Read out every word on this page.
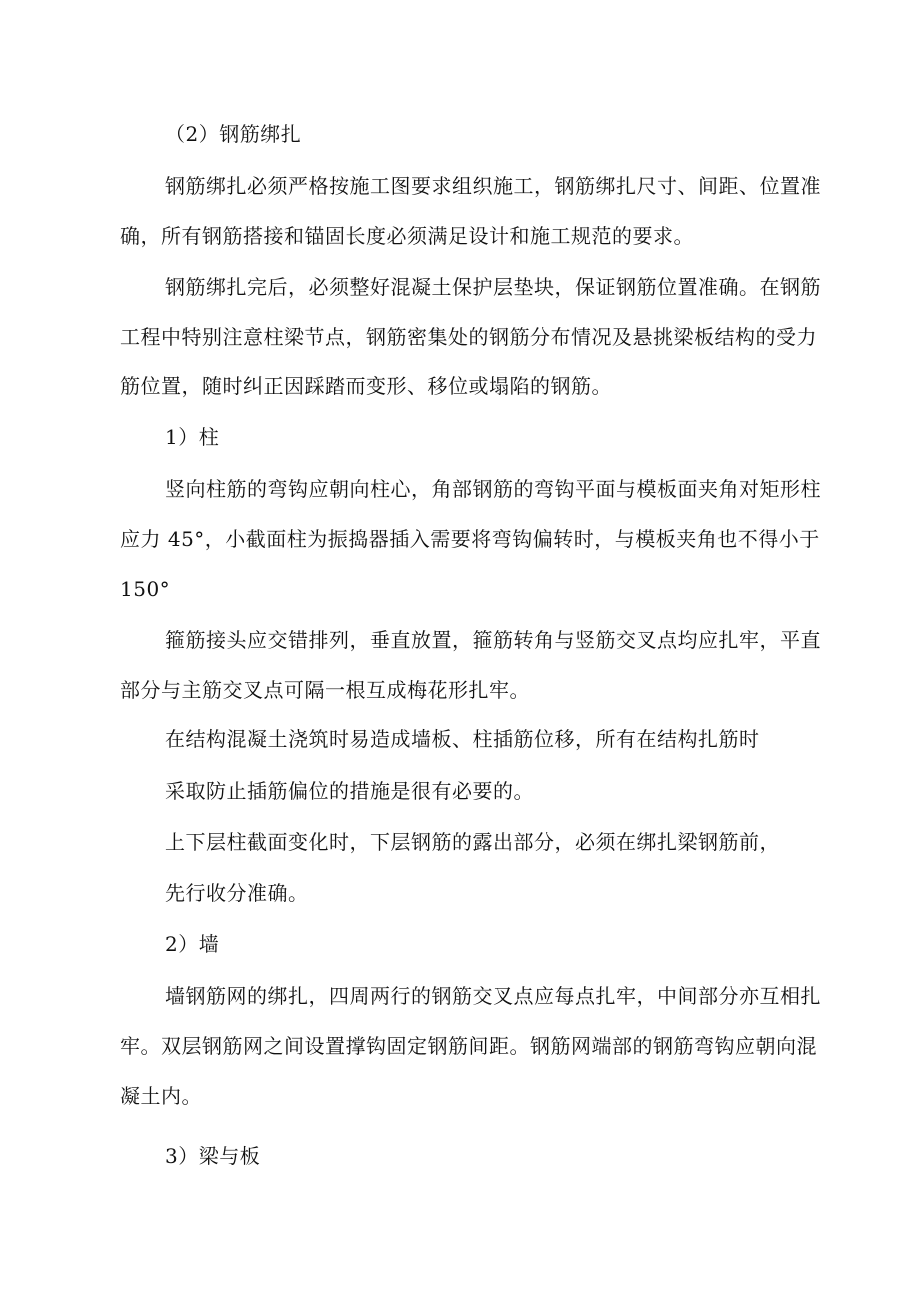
（2）钢筋绑扎
钢筋绑扎必须严格按施工图要求组织施工，钢筋绑扎尺寸、间距、位置准
确，所有钢筋搭接和锚固长度必须满足设计和施工规范的要求。
钢筋绑扎完后，必须整好混凝土保护层垫块，保证钢筋位置准确。在钢筋
工程中特别注意柱梁节点，钢筋密集处的钢筋分布情况及悬挑梁板结构的受力
筋位置，随时纠正因踩踏而变形、移位或塌陷的钢筋。
1）柱
竖向柱筋的弯钩应朝向柱心，角部钢筋的弯钩平面与模板面夹角对矩形柱
应力 45°，小截面柱为振捣器插入需要将弯钩偏转时，与模板夹角也不得小于
150°
箍筋接头应交错排列，垂直放置，箍筋转角与竖筋交叉点均应扎牢，平直
部分与主筋交叉点可隔一根互成梅花形扎牢。
在结构混凝土浇筑时易造成墙板、柱插筋位移，所有在结构扎筋时
采取防止插筋偏位的措施是很有必要的。
上下层柱截面变化时，下层钢筋的露出部分，必须在绑扎梁钢筋前，
先行收分准确。
2）墙
墙钢筋网的绑扎，四周两行的钢筋交叉点应每点扎牢，中间部分亦互相扎
牢。双层钢筋网之间设置撑钩固定钢筋间距。钢筋网端部的钢筋弯钩应朝向混
凝土内。
3）梁与板
